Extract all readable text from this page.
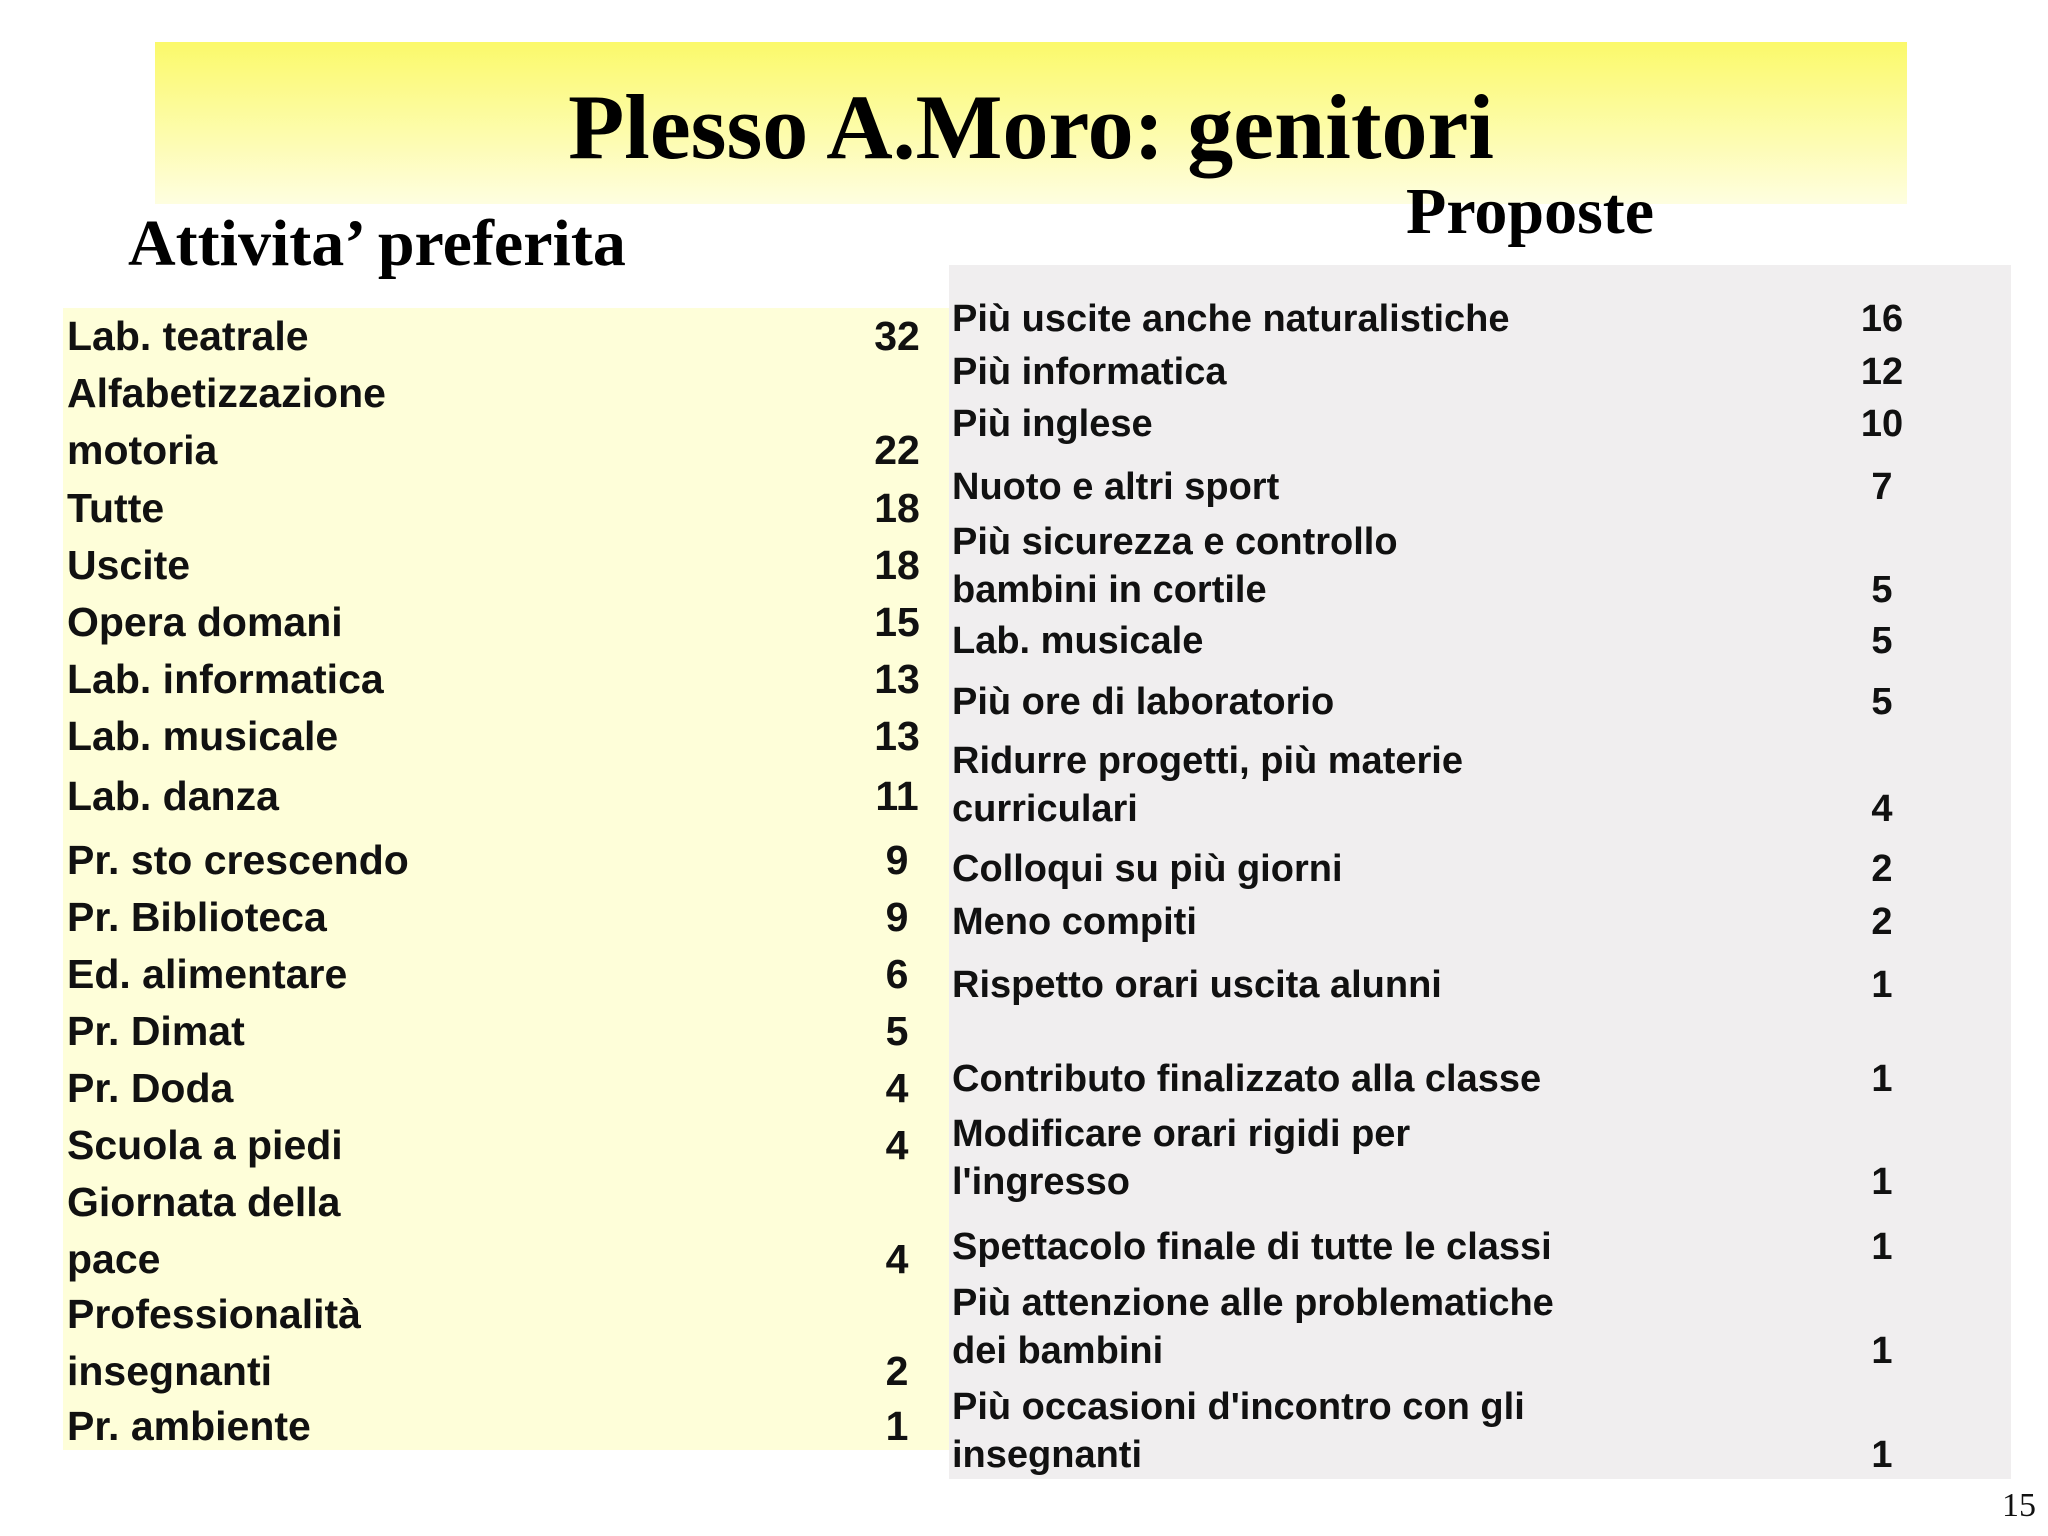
Plesso A.Moro: genitori
Attivita’ preferita	Proposte
Lab. teatrale	32
Alfabetizzazione
motoria	22
Tutte	18
Uscite	18
Opera domani	15
Lab. informatica	13
Lab. musicale	13
Lab. danza	11
Pr. sto crescendo	9
Pr. Biblioteca	9
Ed. alimentare	6
Pr. Dimat	5
Pr. Doda	4
Scuola a piedi	4
Giornata della
pace	4
Professionalità
insegnanti	2
Pr. ambiente	1
Più uscite anche naturalistiche	16
Più informatica	12
Più inglese	10
Nuoto e altri sport	7
Più sicurezza e controllo
bambini in cortile	5
Lab. musicale	5
Più ore di laboratorio	5
Ridurre progetti, più materie
curriculari	4
Colloqui su più giorni	2
Meno compiti	2
Rispetto orari uscita alunni	1
Contributo finalizzato alla classe	1
Modificare orari rigidi per
l'ingresso	1
Spettacolo finale di tutte le classi	1
Più attenzione alle problematiche
dei bambini	1
Più occasioni d'incontro con gli
insegnanti	1
15
